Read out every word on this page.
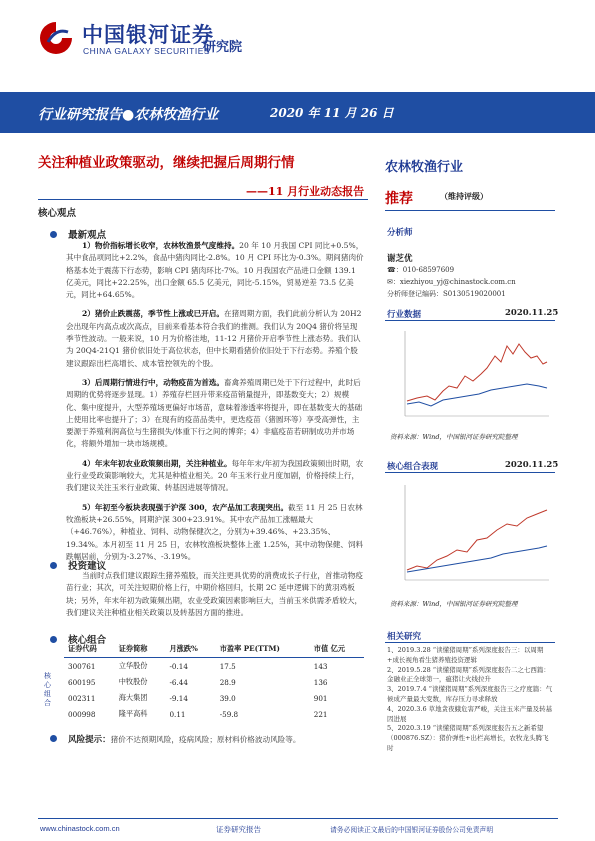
中国银河证券
CHINA GALAXY SECURITIES
研究院
行业研究报告●农林牧渔行业	2020 年 11 月 26 日
关注种植业政策驱动，继续把握后周期行情
——11 月行业动态报告
核心观点
最新观点

1）物价指标增长收窄，农林牧渔景气度维持。20 年 10 月我国 CPI 同比+0.5%，其中食品项同比+2.2%，食品中猪肉同比-2.8%。10 月 CPI 环比为-0.3%。期间猪肉价格基本处于震荡下行态势，影响 CPI 猪肉环比-7%。10 月我国农产品进口金额 139.1 亿美元，同比+22.25%，出口金额 65.5 亿美元，同比-5.15%，贸易逆差 73.5 亿美元，同比+64.65%。

2）猪价止跌震荡，季节性上涨或已开启。在猪周期方面，我们此前分析认为 20H2 会出现年内高点或次高点，目前来看基本符合我们的推测。我们认为 20Q4 猪价将呈现季节性波动。一般来说，10 月为价格洼地，11-12 月猪价开启季节性上涨态势。我们认为 20Q4-21Q1 猪价依旧处于高位状态，但中长期看猪价依旧处于下行态势。养殖个股建议跟踪出栏高增长、成本管控领先的个股。

3）后周期行情进行中，动物疫苗为首选。畜禽养殖周期已处于下行过程中，此时后周期的优势将逐步显现。1）养殖存栏回升带来疫苗销量提升，即基数变大；2）规模化、集中度提升，大型养殖场更偏好市场苗，意味着渗透率将提升，即在基数变大的基础上使用比率也提升了；3）在现有的疫苗品类中，更迭疫苗（猪圆环等）享受高弹性，主要源于养殖利润高位与生猪损失/体重下行之间的博弈；4）非瘟疫苗若研制成功并市场化，将额外增加一块市场规模。

4）年末年初农业政策频出期，关注种植业。每年年末/年初为我国政策频出时期，农业行业受政策影响较大，尤其是种植业相关。20 年玉米行业月度加剧，价格持续上行，我们建议关注玉米行业政策、转基因进展等情况。

5）年初至今板块表现强于沪深 300，农产品加工表现突出。截至 11 月 25 日农林牧渔板块+26.55%，同期沪深 300+23.91%。其中农产品加工涨幅最大（+46.76%），种植业、饲料、动物保健次之，分别为+39.46%、+23.35%、19.34%。本月初至 11 月 25 日，农林牧渔板块整体上涨 1.25%，其中动物保健、饲料跌幅居前，分别为-3.27%、-3.19%。

投资建议
当前时点我们建议跟踪生猪养殖股，而关注更具优势的消费成长子行业，首推动物疫苗行业；其次，可关注短期价格上行，中期价格回归，长期 2C 延申逻辑下的黄羽鸡板块；另外，年末年初为政策频出期，农业受政策因素影响巨大，当前玉米供需矛盾较大，我们建议关注种植业相关政策以及转基因方面的推进。
核心组合
核
心
组
合
证券代码	证券简称	月涨跌%	市盈率 PE(TTM)	市值 亿元
300761	立华股份	-0.14	17.5	143
600195	中牧股份	-6.44	28.9	136
002311	海大集团	-9.14	39.0	901
000998	隆平高科	0.11	-59.8	221
风险提示：猪价不达预期风险，疫病风险；原材料价格波动风险等。
农林牧渔行业
推荐	（维持评级）
分析师
谢芝优
☎：010-68597609
✉：xiezhiyou_yj@chinastock.com.cn
分析师登记编码：S0130519020001
行业数据	2020.11.25
资料来源：Wind，中国银河证券研究院整理
核心组合表现	2020.11.25
资料来源：Wind，中国银河证券研究院整理
相关研究
1、2019.3.28 “读懂猪周期”系列深度报告三：以周期+成长视角看生猪养殖投资逻辑
2、2019.5.28 “读懂猪周期”系列深度报告二之七西篇：金融业正全球第一，瘟猪让火线拉升
3、2019.7.4 “读懂猪周期”系列深度报告三之疗度篇：气候成产量最大变数，库存压力寻求释放
4、2020.3.6 草地贪夜蛾危害严峻，关注玉米产量及转基因进展
5、2020.3.19 “读懂猪周期”系列深度报告五之新希望（000876.SZ）：猪价弹性+出栏高增长，农牧龙头腾飞时
www.chinastock.com.cn	证券研究报告	请务必阅读正文最后的中国银河证券股份公司免责声明
